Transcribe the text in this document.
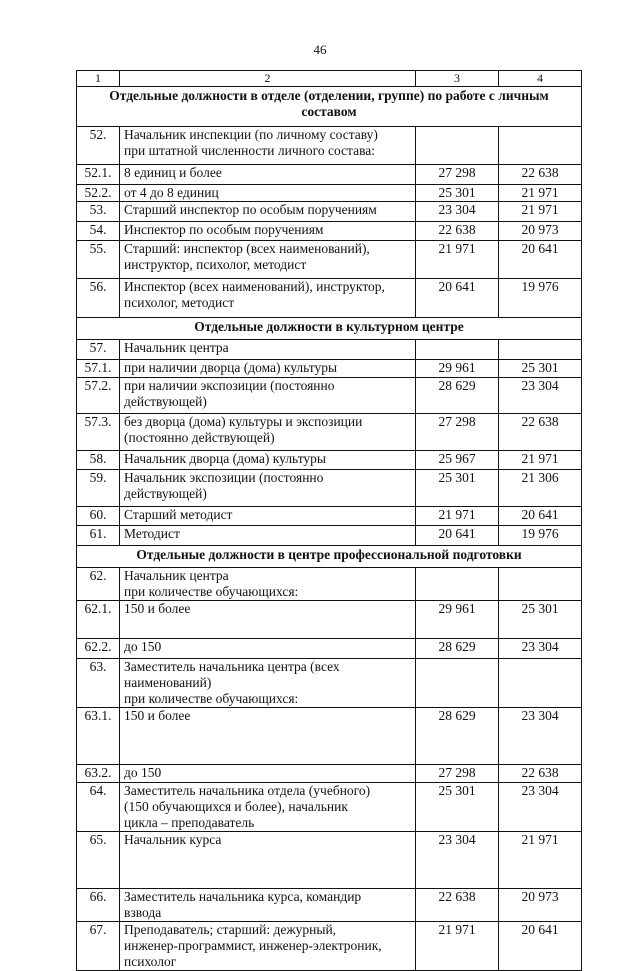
46
1	2	3	4
Отдельные должности в отделе (отделении, группе) по работе с личным составом			
52.	Начальник инспекции (по личному составу)
при штатной численности личного состава:		

52.1.	8 единиц и более	27 298	22 638
52.2.	от 4 до 8 единиц	25 301	21 971
53.	Старший инспектор по особым поручениям	23 304	21 971
54.	Инспектор по особым поручениям	22 638	20 973
55.	Старший: инспектор (всех наименований),
инструктор, психолог, методист	21 971	20 641
56.	Инспектор (всех наименований), инструктор,
психолог, методист	20 641	19 976
Отдельные должности в культурном центре			
57.	Начальник центра		

57.1.	при наличии дворца (дома) культуры	29 961	25 301
57.2.	при наличии экспозиции (постоянно
действующей)	28 629	23 304
57.3.	без дворца (дома) культуры и экспозиции
(постоянно действующей)	27 298	22 638
58.	Начальник дворца (дома) культуры	25 967	21 971
59.	Начальник экспозиции (постоянно
действующей)	25 301	21 306
60.	Старший методист	21 971	20 641
61.	Методист	20 641	19 976
Отдельные должности в центре профессиональной подготовки			
62.	Начальник центра
при количестве обучающихся:		

62.1.	150 и более	29 961	25 301
62.2.	до 150	28 629	23 304
63.	Заместитель начальника центра (всех
наименований)
при количестве обучающихся:		

63.1.	150 и более	28 629	23 304
63.2.	до 150	27 298	22 638
64.	Заместитель начальника отдела (учебного)
(150 обучающихся и более), начальник
цикла – преподаватель	25 301	23 304
65.	Начальник курса	23 304	21 971
66.	Заместитель начальника курса, командир
взвода	22 638	20 973
67.	Преподаватель; старший: дежурный,
инженер-программист, инженер-электроник,
психолог	21 971	20 641
